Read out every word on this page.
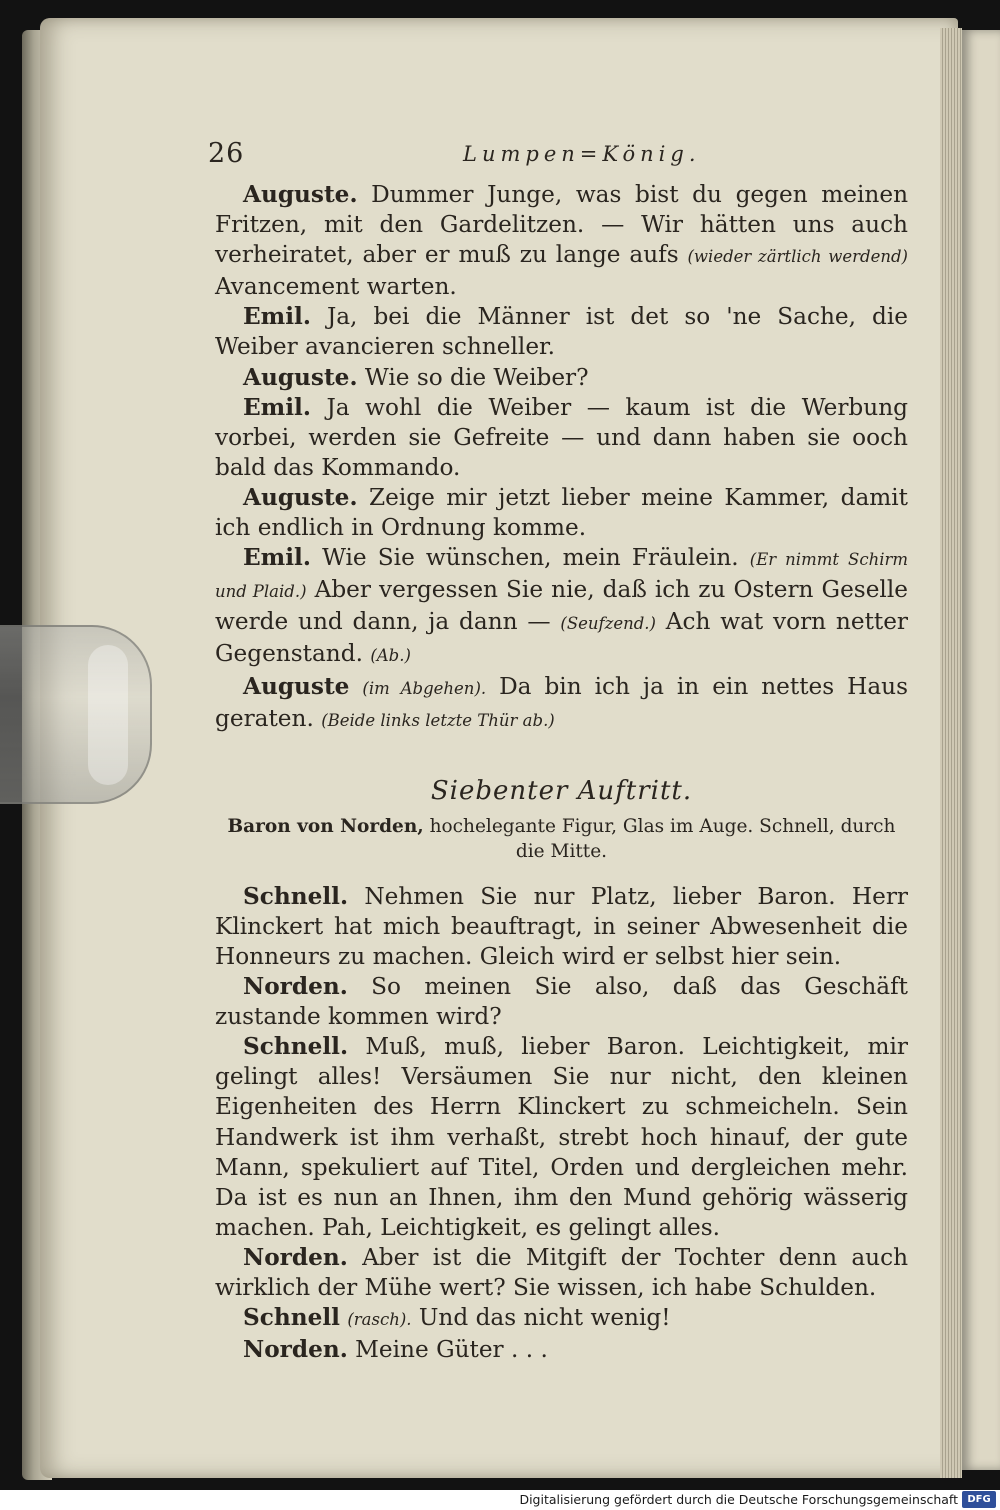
26	Lumpen=König.

Auguste. Dummer Junge, was bist du gegen meinen Fritzen, mit den Gardelitzen. — Wir hätten uns auch verheiratet, aber er muß zu lange aufs (wieder zärtlich werdend) Avancement warten.

Emil. Ja, bei die Männer ist det so 'ne Sache, die Weiber avancieren schneller.

Auguste. Wie so die Weiber?

Emil. Ja wohl die Weiber — kaum ist die Werbung vorbei, werden sie Gefreite — und dann haben sie ooch bald das Kommando.

Auguste. Zeige mir jetzt lieber meine Kammer, damit ich endlich in Ordnung komme.

Emil. Wie Sie wünschen, mein Fräulein. (Er nimmt Schirm und Plaid.) Aber vergessen Sie nie, daß ich zu Ostern Geselle werde und dann, ja dann — (Seufzend.) Ach wat vorn netter Gegenstand. (Ab.)

Auguste (im Abgehen). Da bin ich ja in ein nettes Haus geraten. (Beide links letzte Thür ab.)

Siebenter Auftritt.
Baron von Norden, hochelegante Figur, Glas im Auge. Schnell, durch die Mitte.

Schnell. Nehmen Sie nur Platz, lieber Baron. Herr Klinckert hat mich beauftragt, in seiner Abwesenheit die Honneurs zu machen. Gleich wird er selbst hier sein.

Norden. So meinen Sie also, daß das Geschäft zustande kommen wird?

Schnell. Muß, muß, lieber Baron. Leichtigkeit, mir gelingt alles! Versäumen Sie nur nicht, den kleinen Eigenheiten des Herrn Klinckert zu schmeicheln. Sein Handwerk ist ihm verhaßt, strebt hoch hinauf, der gute Mann, spekuliert auf Titel, Orden und dergleichen mehr. Da ist es nun an Ihnen, ihm den Mund gehörig wässerig machen. Pah, Leichtigkeit, es gelingt alles.

Norden. Aber ist die Mitgift der Tochter denn auch wirklich der Mühe wert? Sie wissen, ich habe Schulden.

Schnell (rasch). Und das nicht wenig!

Norden. Meine Güter . . .

Digitalisierung gefördert durch die Deutsche Forschungsgemeinschaft DFG
